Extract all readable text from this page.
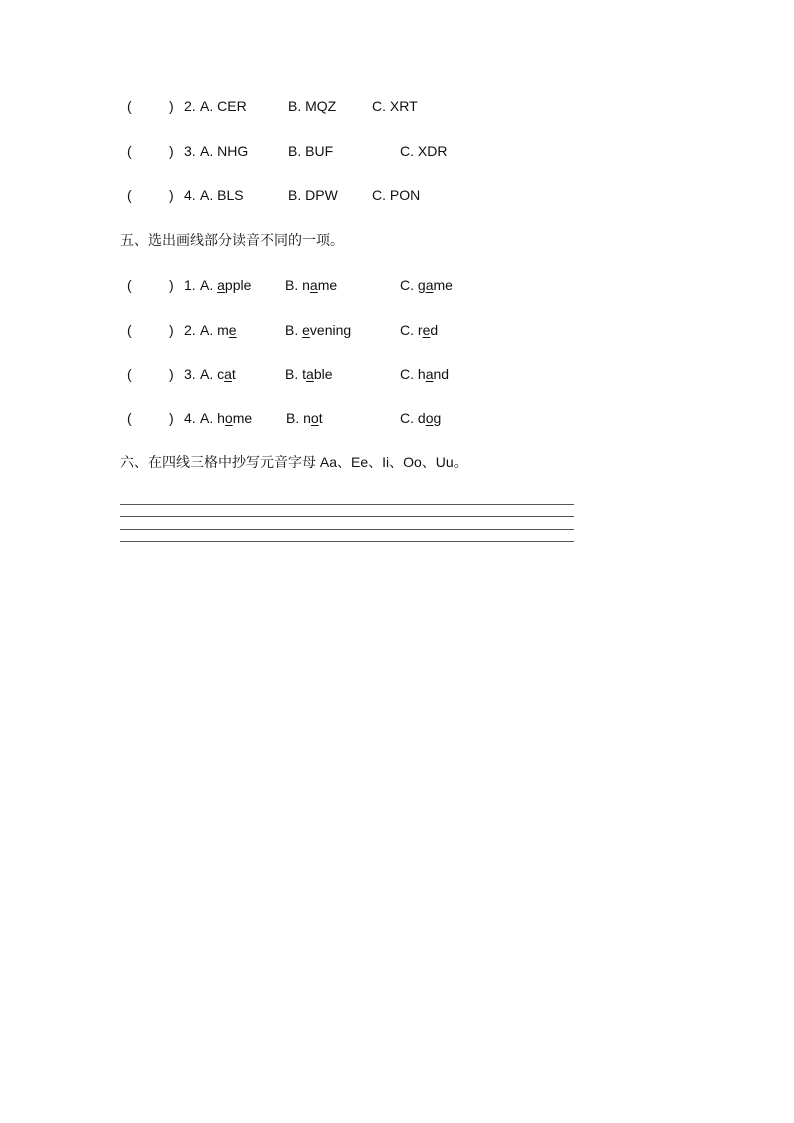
(	) 2. A. CER	B. MQZ	C. XRT
(	) 3. A. NHG	B. BUF	C. XDR
(	) 4. A. BLS	B. DPW C. PON
五、选出画线部分读音不同的一项。
(	) 1. A. apple B. name	C. game
(	) 2. A. me	B. evening	C. red
(	) 3. A. cat	B. table	C. hand
(	) 4. A. home B. not	C. dog
六、在四线三格中抄写元音字母 Aa、Ee、Ii、Oo、Uu。
